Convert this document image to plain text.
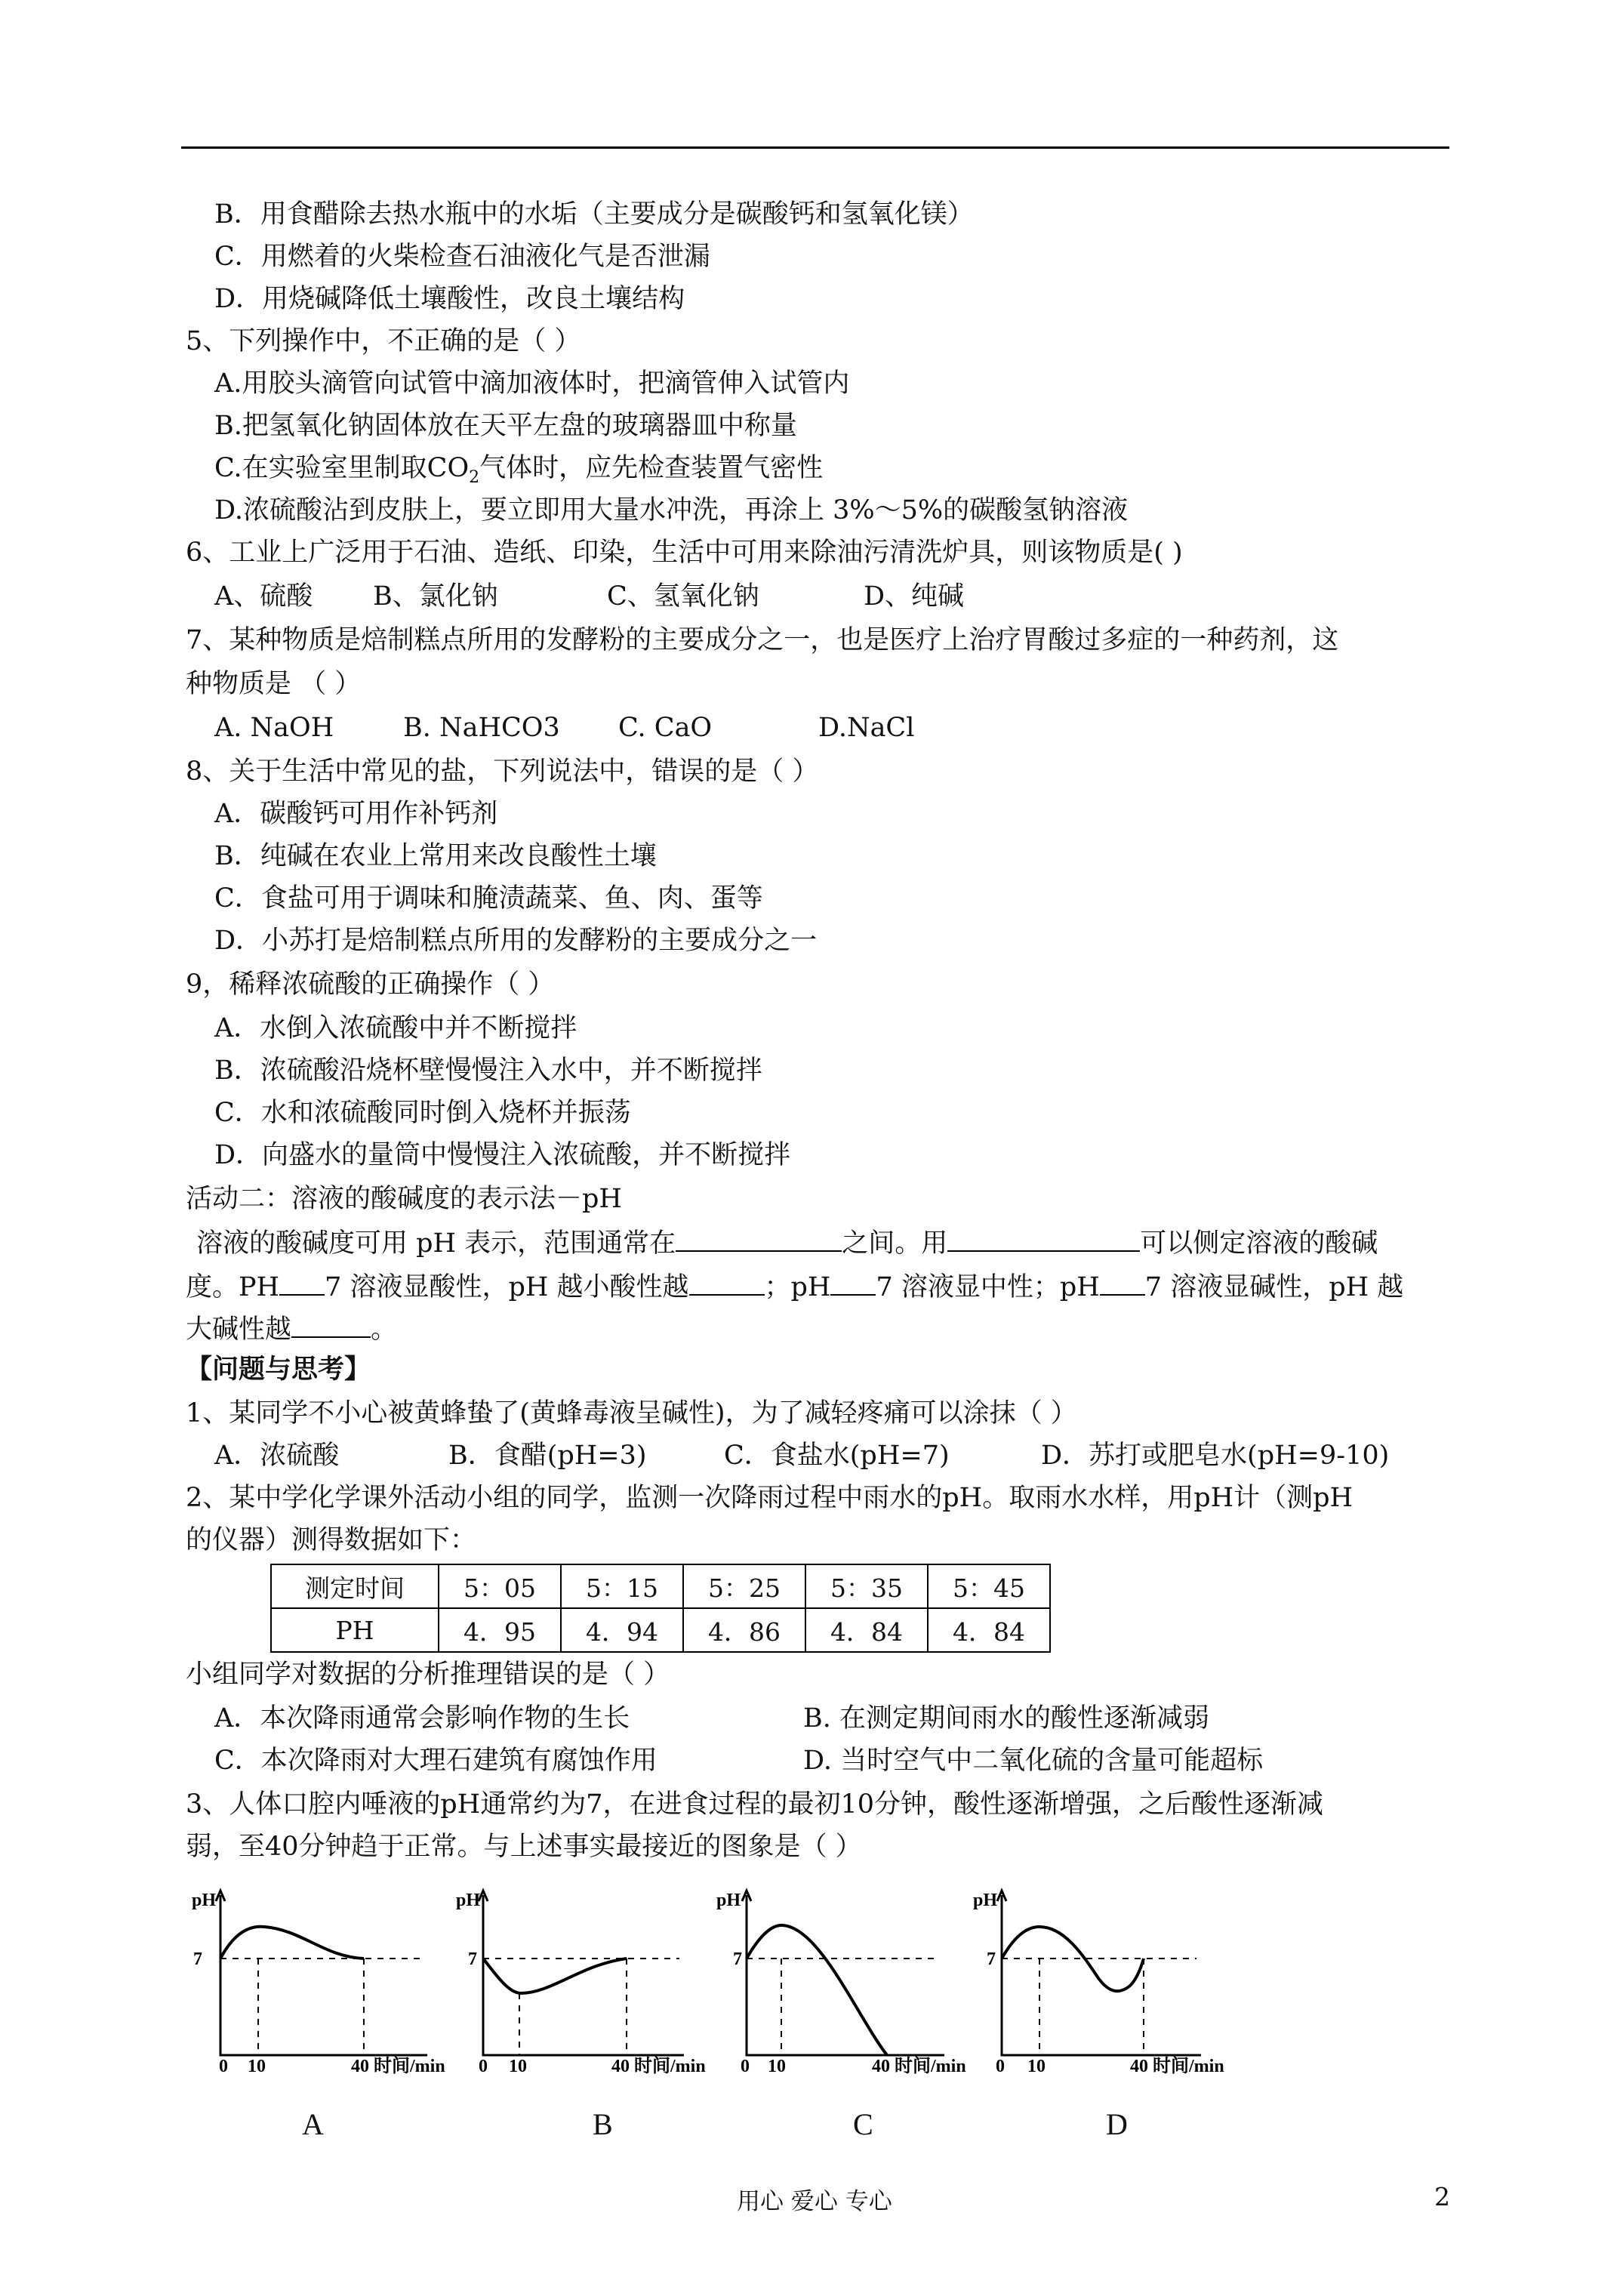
B．用食醋除去热水瓶中的水垢（主要成分是碳酸钙和氢氧化镁）
C．用燃着的火柴检查石油液化气是否泄漏
D．用烧碱降低土壤酸性，改良土壤结构
5、下列操作中，不正确的是（ ）
A.用胶头滴管向试管中滴加液体时，把滴管伸入试管内
B.把氢氧化钠固体放在天平左盘的玻璃器皿中称量
C.在实验室里制取$CO_2$气体时，应先检查装置气密性
D.浓硫酸沾到皮肤上，要立即用大量水冲洗，再涂上 3%～5%的碳酸氢钠溶液
6、工业上广泛用于石油、造纸、印染，生活中可用来除油污清洗炉具，则该物质是( )
A、硫酸 B、氯化钠	C、氢氧化钠	D、纯碱
7、某种物质是焙制糕点所用的发酵粉的主要成分之一，也是医疗上治疗胃酸过多症的一种药剂，这
种物质是 （ ）
A. NaOH	B. NaHCO3 C. CaO	D.NaCl
8、关于生活中常见的盐，下列说法中，错误的是（ ）
A．碳酸钙可用作补钙剂
B．纯碱在农业上常用来改良酸性土壤
C．食盐可用于调味和腌渍蔬菜、鱼、肉、蛋等
D．小苏打是焙制糕点所用的发酵粉的主要成分之一
9，稀释浓硫酸的正确操作（ ）
A．水倒入浓硫酸中并不断搅拌
B．浓硫酸沿烧杯壁慢慢注入水中，并不断搅拌
C．水和浓硫酸同时倒入烧杯并振荡
D．向盛水的量筒中慢慢注入浓硫酸，并不断搅拌
活动二：溶液的酸碱度的表示法－pH
溶液的酸碱度可用 pH 表示，范围通常在	之间。用	可以侧定溶液的酸碱
度。PH 7 溶液显酸性，pH 越小酸性越	；pH 7 溶液显中性；pH 7 溶液显碱性，pH 越
大碱性越	。
【问题与思考】
1、某同学不小心被黄蜂蛰了(黄蜂毒液呈碱性)，为了减轻疼痛可以涂抹（ ）
A．浓硫酸	B．食醋(pH=3)	C．食盐水(pH=7)	D．苏打或肥皂水(pH=9-10)
2、某中学化学课外活动小组的同学，监测一次降雨过程中雨水的pH。取雨水水样，用pH计（测pH
的仪器）测得数据如下：
测定时间	5：05	5：15	5：25	5：35	5：45
PH	4．95	4．94	4．86	4．84	4．84
小组同学对数据的分析推理错误的是（ ）
A．本次降雨通常会影响作物的生长	B. 在测定期间雨水的酸性逐渐减弱
C．本次降雨对大理石建筑有腐蚀作用	D. 当时空气中二氧化硫的含量可能超标
3、人体口腔内唾液的pH通常约为7，在进食过程的最初10分钟，酸性逐渐增强，之后酸性逐渐减
弱，至40分钟趋于正常。与上述事实最接近的图象是（ ）
pH
7
0 10	40 时间/min
pH
7
0 10	40 时间/min
pH
7
0 10	40 时间/min
pH
7
0 10	40 时间/min
A	B	C	D
用心 爱心 专心	2
